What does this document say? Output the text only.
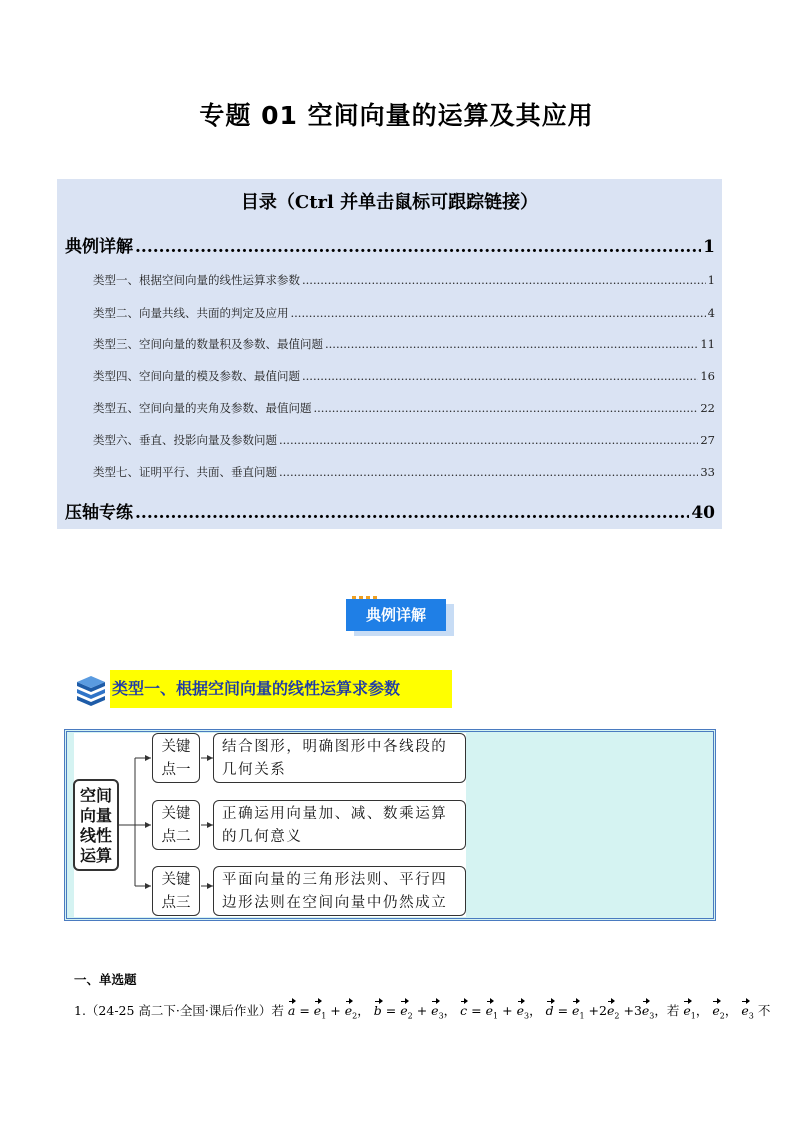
专题 01 空间向量的运算及其应用
目录（Ctrl 并单击鼠标可跟踪链接）
典例详解 .....	1
类型一、根据空间向量的线性运算求参数 .....	1
类型二、向量共线、共面的判定及应用 .....	4
类型三、空间向量的数量积及参数、最值问题 .....	11
类型四、空间向量的模及参数、最值问题 .....	16
类型五、空间向量的夹角及参数、最值问题 .....	22
类型六、垂直、投影向量及参数问题 .....	27
类型七、证明平行、共面、垂直问题 .....	33
压轴专练 .....	40
典例详解
类型一、根据空间向量的线性运算求参数
空间
向量
线性
运算
关键
点一
结合图形，明确图形中各线段的几何关系
关键
点二
正确运用向量加、减、数乘运算的几何意义
关键
点三
平面向量的三角形法则、平行四边形法则在空间向量中仍然成立
一、单选题
1.（24-25 高二下·全国·课后作业）若 $a = e_1 + e_2$， $b = e_2 + e_3$， $c = e_1 + e_3$， $d = e_1 +2e_2 +3e_3$，若 $e_1$， $e_2$， $e_3$ 不
